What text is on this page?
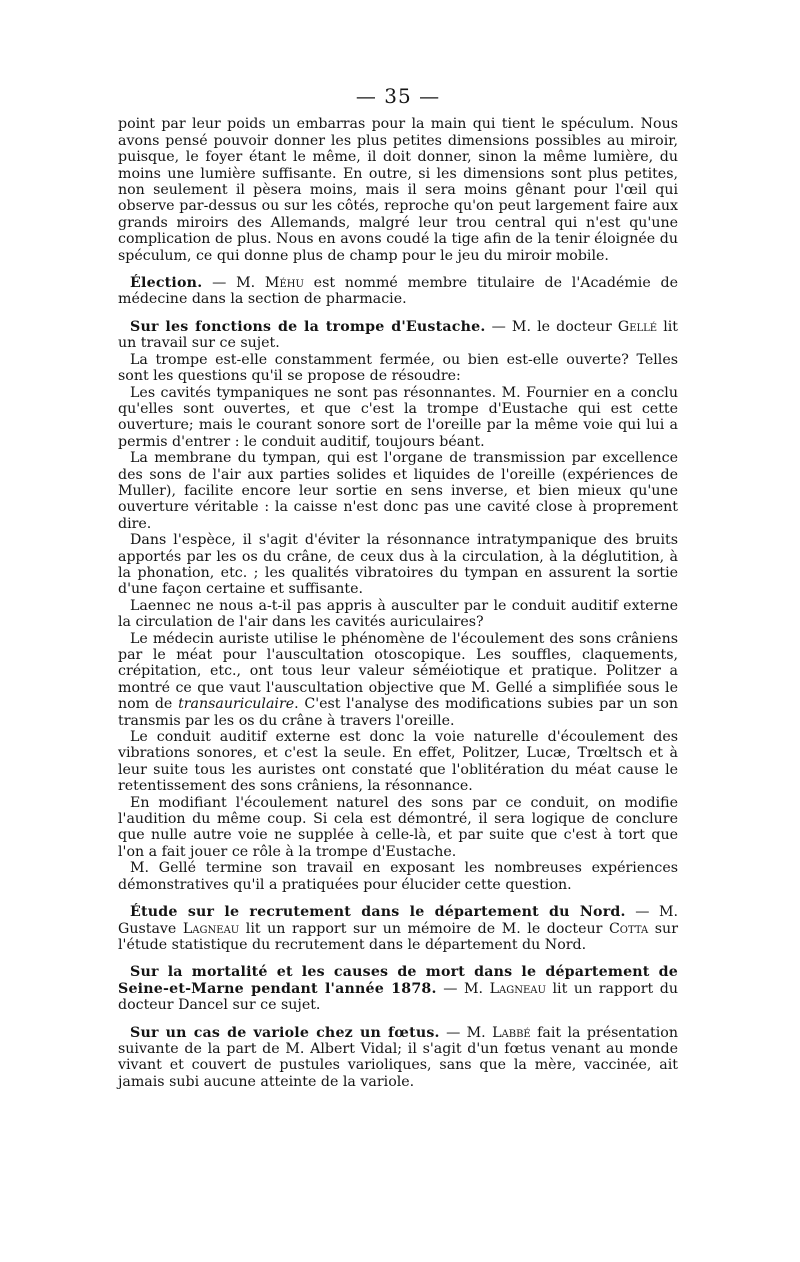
— 35 —

point par leur poids un embarras pour la main qui tient le spéculum. Nous avons pensé pouvoir donner les plus petites dimensions possibles au miroir, puisque, le foyer étant le même, il doit donner, sinon la même lumière, du moins une lumière suffisante. En outre, si les dimensions sont plus petites, non seulement il pèsera moins, mais il sera moins gênant pour l'œil qui observe par-dessus ou sur les côtés, reproche qu'on peut largement faire aux grands miroirs des Allemands, malgré leur trou central qui n'est qu'une complication de plus. Nous en avons coudé la tige afin de la tenir éloignée du spéculum, ce qui donne plus de champ pour le jeu du miroir mobile.

Élection. — M. Méhu est nommé membre titulaire de l'Académie de médecine dans la section de pharmacie.

Sur les fonctions de la trompe d'Eustache. — M. le docteur Gellé lit un travail sur ce sujet.

La trompe est-elle constamment fermée, ou bien est-elle ouverte? Telles sont les questions qu'il se propose de résoudre:

Les cavités tympaniques ne sont pas résonnantes. M. Fournier en a conclu qu'elles sont ouvertes, et que c'est la trompe d'Eustache qui est cette ouverture; mais le courant sonore sort de l'oreille par la même voie qui lui a permis d'entrer : le conduit auditif, toujours béant.

La membrane du tympan, qui est l'organe de transmission par excellence des sons de l'air aux parties solides et liquides de l'oreille (expériences de Muller), facilite encore leur sortie en sens inverse, et bien mieux qu'une ouverture véritable : la caisse n'est donc pas une cavité close à proprement dire.

Dans l'espèce, il s'agit d'éviter la résonnance intratympanique des bruits apportés par les os du crâne, de ceux dus à la circulation, à la déglutition, à la phonation, etc. ; les qualités vibratoires du tympan en assurent la sortie d'une façon certaine et suffisante.

Laennec ne nous a-t-il pas appris à ausculter par le conduit auditif externe la circulation de l'air dans les cavités auriculaires?

Le médecin auriste utilise le phénomène de l'écoulement des sons crâniens par le méat pour l'auscultation otoscopique. Les souffles, claquements, crépitation, etc., ont tous leur valeur séméiotique et pratique. Politzer a montré ce que vaut l'auscultation objective que M. Gellé a simplifiée sous le nom de transauriculaire. C'est l'analyse des modifications subies par un son transmis par les os du crâne à travers l'oreille.

Le conduit auditif externe est donc la voie naturelle d'écoulement des vibrations sonores, et c'est la seule. En effet, Politzer, Lucæ, Trœltsch et à leur suite tous les auristes ont constaté que l'oblitération du méat cause le retentissement des sons crâniens, la résonnance.

En modifiant l'écoulement naturel des sons par ce conduit, on modifie l'audition du même coup. Si cela est démontré, il sera logique de conclure que nulle autre voie ne supplée à celle-là, et par suite que c'est à tort que l'on a fait jouer ce rôle à la trompe d'Eustache.

M. Gellé termine son travail en exposant les nombreuses expériences démonstratives qu'il a pratiquées pour élucider cette question.

Étude sur le recrutement dans le département du Nord. — M. Gustave Lagneau lit un rapport sur un mémoire de M. le docteur Cotta sur l'étude statistique du recrutement dans le département du Nord.

Sur la mortalité et les causes de mort dans le département de Seine-et-Marne pendant l'année 1878. — M. Lagneau lit un rapport du docteur Dancel sur ce sujet.

Sur un cas de variole chez un fœtus. — M. Labbé fait la présentation suivante de la part de M. Albert Vidal; il s'agit d'un fœtus venant au monde vivant et couvert de pustules varioliques, sans que la mère, vaccinée, ait jamais subi aucune atteinte de la variole.
